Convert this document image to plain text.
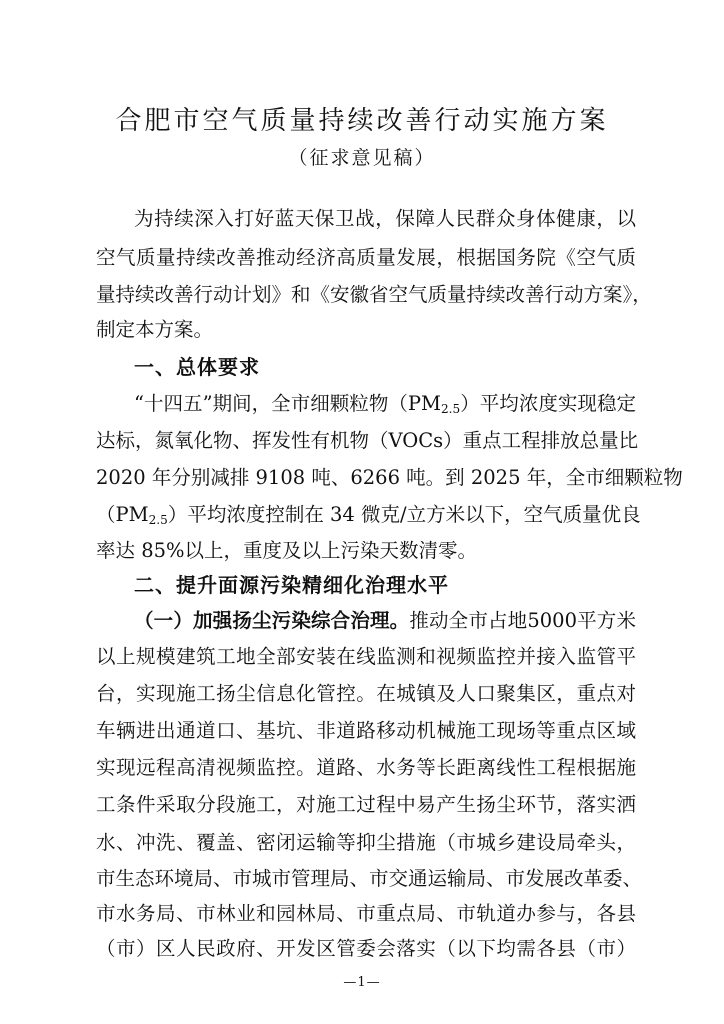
合肥市空气质量持续改善行动实施方案
（征求意见稿）
为持续深入打好蓝天保卫战，保障人民群众身体健康，以
空气质量持续改善推动经济高质量发展，根据国务院《空气质
量持续改善行动计划》和《安徽省空气质量持续改善行动方案》，
制定本方案。
一、总体要求
“十四五”期间，全市细颗粒物$(PM_{2.5})$平均浓度实现稳定
达标，氮氧化物、挥发性有机物（VOCs）重点工程排放总量比
2020 年分别减排 9108 吨、6266 吨。到 2025 年，全市细颗粒物
$(PM_{2.5})$平均浓度控制在 34 微克/立方米以下，空气质量优良
率达 85%以上，重度及以上污染天数清零。
二、提升面源污染精细化治理水平
（一）加强扬尘污染综合治理。推动全市占地5000平方米
以上规模建筑工地全部安装在线监测和视频监控并接入监管平
台，实现施工扬尘信息化管控。在城镇及人口聚集区，重点对
车辆进出通道口、基坑、非道路移动机械施工现场等重点区域
实现远程高清视频监控。道路、水务等长距离线性工程根据施
工条件采取分段施工，对施工过程中易产生扬尘环节，落实洒
水、冲洗、覆盖、密闭运输等抑尘措施（市城乡建设局牵头，
市生态环境局、市城市管理局、市交通运输局、市发展改革委、
市水务局、市林业和园林局、市重点局、市轨道办参与，各县
（市）区人民政府、开发区管委会落实（以下均需各县（市）
—1—
